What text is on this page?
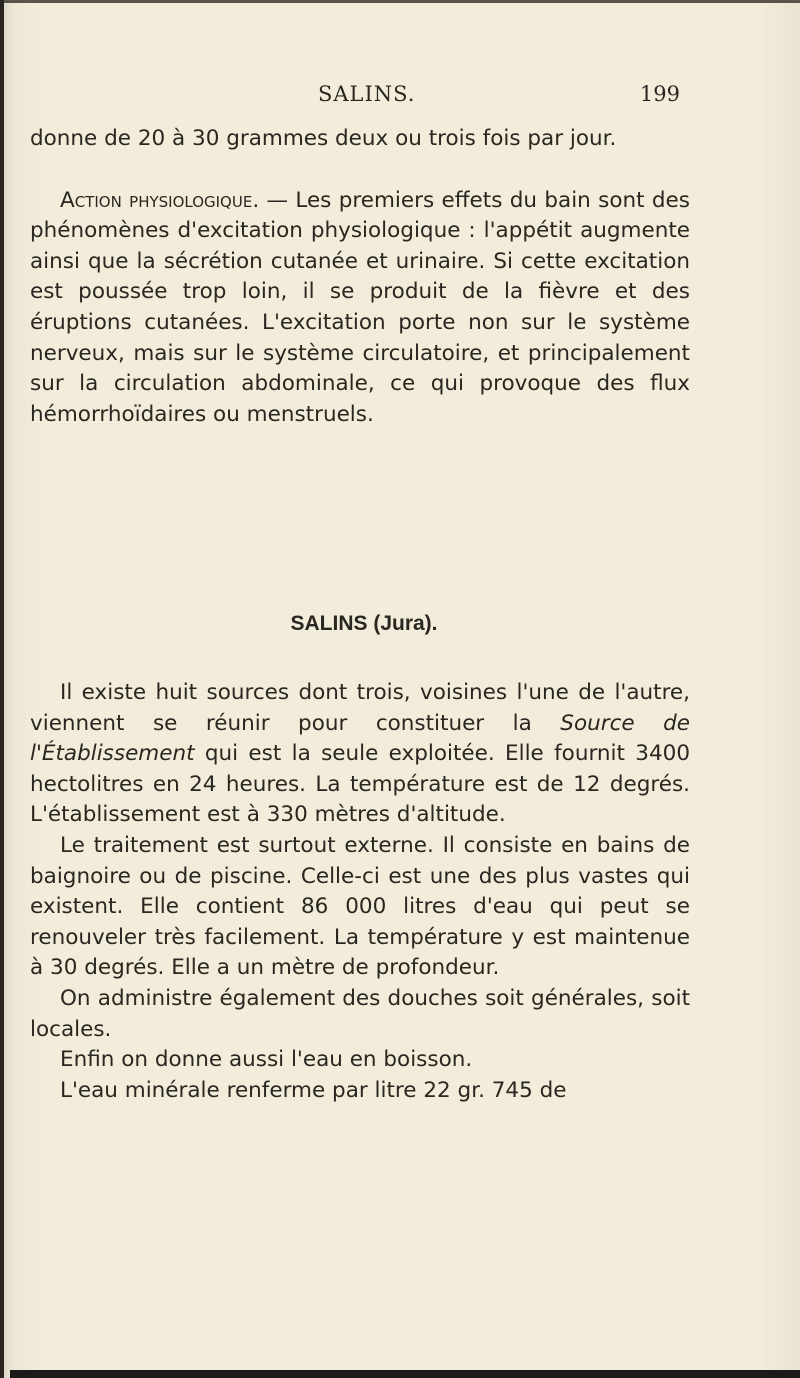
SALINS.	199

donne de 20 à 30 grammes deux ou trois fois par jour.

Action physiologique. — Les premiers effets du bain sont des phénomènes d'excitation physiologique : l'appétit augmente ainsi que la sécrétion cutanée et urinaire. Si cette excitation est poussée trop loin, il se produit de la fièvre et des éruptions cutanées. L'excitation porte non sur le système nerveux, mais sur le système circulatoire, et principalement sur la circulation abdominale, ce qui provoque des flux hémorrhoïdaires ou menstruels.

SALINS (Jura).

Il existe huit sources dont trois, voisines l'une de l'autre, viennent se réunir pour constituer la Source de l'Établissement qui est la seule exploitée. Elle fournit 3400 hectolitres en 24 heures. La température est de 12 degrés. L'établissement est à 330 mètres d'altitude.

Le traitement est surtout externe. Il consiste en bains de baignoire ou de piscine. Celle-ci est une des plus vastes qui existent. Elle contient 86 000 litres d'eau qui peut se renouveler très facilement. La température y est maintenue à 30 degrés. Elle a un mètre de profondeur.

On administre également des douches soit générales, soit locales.

Enfin on donne aussi l'eau en boisson.

L'eau minérale renferme par litre 22 gr. 745 de
